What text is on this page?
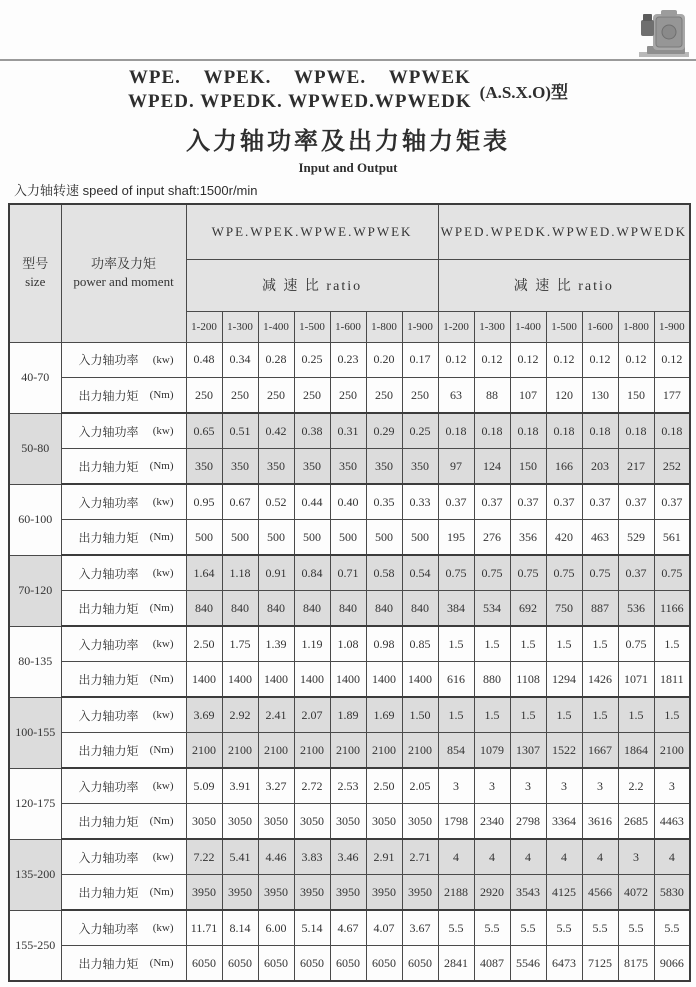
WPE.    WPEK.    WPWE.    WPWEK
WPED. WPEDK. WPWED.WPWEDK (A.S.X.O)型
入力轴功率及出力轴力矩表
Input and Output
入力轴转速 speed of input shaft:1500r/min
型号
size

功率及力矩
power and moment
	WPE.WPEK.WPWE.WPWEK	WPED.WPEDK.WPWED.WPWEDK
		减 速 比 ratio							减 速 比 ratio						
		1-200	1-300	1-400	1-500	1-600	1-800	1-900	1-200	1-300	1-400	1-500	1-600	1-800	1-900
40-70	入力轴功率 (kw)	0.48	0.34	0.28	0.25	0.23	0.20	0.17	0.12	0.12	0.12	0.12	0.12	0.12	0.12

	出力轴力矩 (Nm)	250	250	250	250	250	250	250	63	88	107	120	130	150	177
50-80	入力轴功率 (kw)	0.65	0.51	0.42	0.38	0.31	0.29	0.25	0.18	0.18	0.18	0.18	0.18	0.18	0.18

	出力轴力矩 (Nm)	350	350	350	350	350	350	350	97	124	150	166	203	217	252
60-100	入力轴功率 (kw)	0.95	0.67	0.52	0.44	0.40	0.35	0.33	0.37	0.37	0.37	0.37	0.37	0.37	0.37

	出力轴力矩 (Nm)	500	500	500	500	500	500	500	195	276	356	420	463	529	561
70-120	入力轴功率 (kw)	1.64	1.18	0.91	0.84	0.71	0.58	0.54	0.75	0.75	0.75	0.75	0.75	0.37	0.75

	出力轴力矩 (Nm)	840	840	840	840	840	840	840	384	534	692	750	887	536	1166
80-135	入力轴功率 (kw)	2.50	1.75	1.39	1.19	1.08	0.98	0.85	1.5	1.5	1.5	1.5	1.5	0.75	1.5

	出力轴力矩 (Nm)	1400	1400	1400	1400	1400	1400	1400	616	880	1108	1294	1426	1071	1811
100-155	入力轴功率 (kw)	3.69	2.92	2.41	2.07	1.89	1.69	1.50	1.5	1.5	1.5	1.5	1.5	1.5	1.5

	出力轴力矩 (Nm)	2100	2100	2100	2100	2100	2100	2100	854	1079	1307	1522	1667	1864	2100
120-175	入力轴功率 (kw)	5.09	3.91	3.27	2.72	2.53	2.50	2.05	3	3	3	3	3	2.2	3

	出力轴力矩 (Nm)	3050	3050	3050	3050	3050	3050	3050	1798	2340	2798	3364	3616	2685	4463
135-200	入力轴功率 (kw)	7.22	5.41	4.46	3.83	3.46	2.91	2.71	4	4	4	4	4	3	4

	出力轴力矩 (Nm)	3950	3950	3950	3950	3950	3950	3950	2188	2920	3543	4125	4566	4072	5830
155-250	入力轴功率 (kw)	11.71	8.14	6.00	5.14	4.67	4.07	3.67	5.5	5.5	5.5	5.5	5.5	5.5	5.5

	出力轴力矩 (Nm)	6050	6050	6050	6050	6050	6050	6050	2841	4087	5546	6473	7125	8175	9066
